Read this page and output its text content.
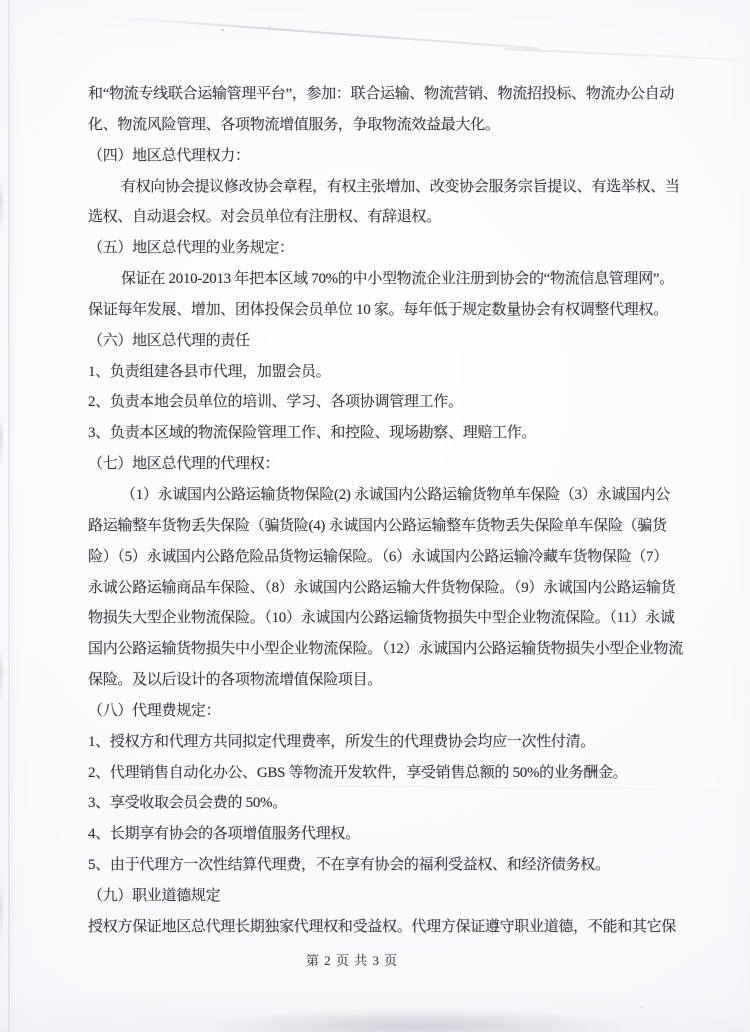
和“物流专线联合运输管理平台”，参加：联合运输、物流营销、物流招投标、物流办公自动

化、物流风险管理、各项物流增值服务，争取物流效益最大化。

（四）地区总代理权力：

有权向协会提议修改协会章程，有权主张增加、改变协会服务宗旨提议、有选举权、当

选权、自动退会权。对会员单位有注册权、有辞退权。

（五）地区总代理的业务规定：

保证在 2010-2013 年把本区域 70%的中小型物流企业注册到协会的“物流信息管理网”。

保证每年发展、增加、团体投保会员单位 10 家。每年低于规定数量协会有权调整代理权。

（六）地区总代理的责任

1、负责组建各县市代理，加盟会员。

2、负责本地会员单位的培训、学习、各项协调管理工作。

3、负责本区域的物流保险管理工作、和控险、现场勘察、理赔工作。

（七）地区总代理的代理权：

（1）永诚国内公路运输货物保险(2) 永诚国内公路运输货物单车保险（3）永诚国内公

路运输整车货物丢失保险（骗货险(4) 永诚国内公路运输整车货物丢失保险单车保险（骗货

险）（5）永诚国内公路危险品货物运输保险。（6）永诚国内公路运输冷藏车货物保险（7）

永诚公路运输商品车保险、（8）永诚国内公路运输大件货物保险。（9）永诚国内公路运输货

物损失大型企业物流保险。（10）永诚国内公路运输货物损失中型企业物流保险。（11）永诚

国内公路运输货物损失中小型企业物流保险。（12）永诚国内公路运输货物损失小型企业物流

保险。及以后设计的各项物流增值保险项目。

（八）代理费规定：

1、授权方和代理方共同拟定代理费率，所发生的代理费协会均应一次性付清。

2、代理销售自动化办公、GBS 等物流开发软件，享受销售总额的 50%的业务酬金。

3、享受收取会员会费的 50%。

4、长期享有协会的各项增值服务代理权。

5、由于代理方一次性结算代理费，不在享有协会的福利受益权、和经济债务权。

（九）职业道德规定

授权方保证地区总代理长期独家代理权和受益权。代理方保证遵守职业道德，不能和其它保

第 2 页 共 3 页
